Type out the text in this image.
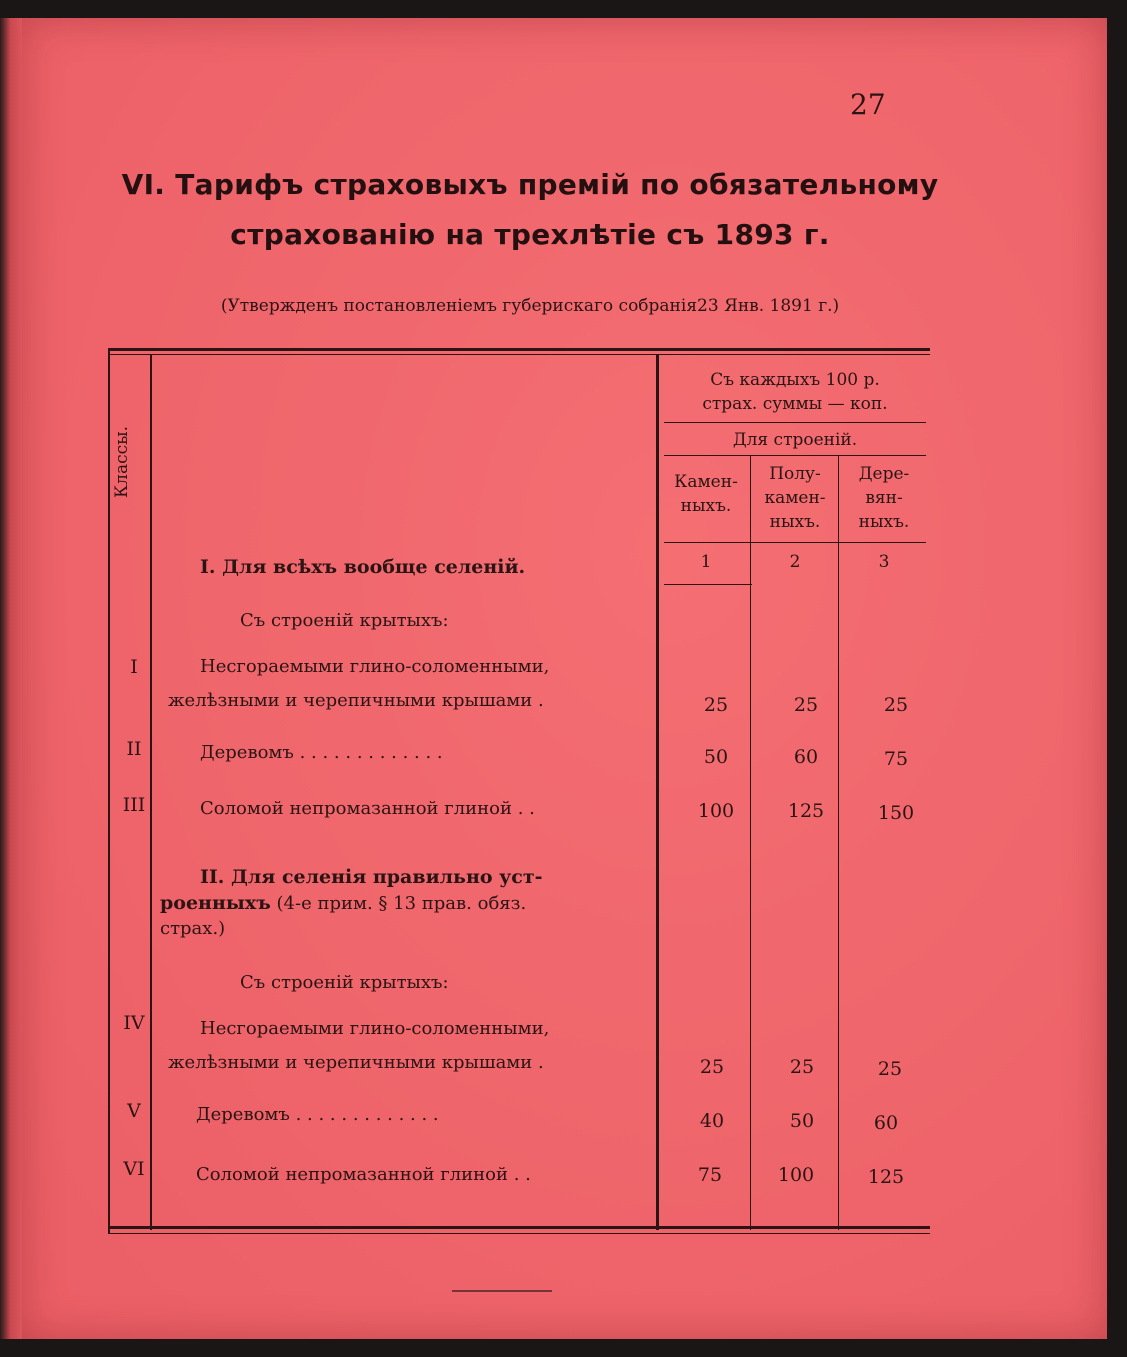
27
VI. Тарифъ страховыхъ премій по обязательному
страхованію на трехлѣтіе съ 1893 г.
(Утвержденъ постановленіемъ губерискаго собранія23 Янв. 1891 г.)
Классы.
Съ каждыхъ 100 р.
страх. суммы — коп.
Для строеній.
Камен-
ныхъ.
Полу-
камен-
ныхъ.
Дере-
вян-
ныхъ.
1	2	3
I. Для всѣхъ вообще селеній.
Съ строеній крытыхъ:
I	Несгораемыми глино-соломенными,
желѣзными и черепичными крышами .	25	25	25
II	Деревомъ . . . . . . . . . . . . .	50	60	75
III	Соломой непромазанной глиной . .	100	125	150
II. Для селенія правильно уст-
роенныхъ (4-е прим. § 13 прав. обяз.
страх.)
Съ строеній крытыхъ:
IV	Несгораемыми глино-соломенными,
желѣзными и черепичными крышами .	25	25	25
V	Деревомъ . . . . . . . . . . . . .	40	50	60
VI	Соломой непромазанной глиной . .	75	100	125
